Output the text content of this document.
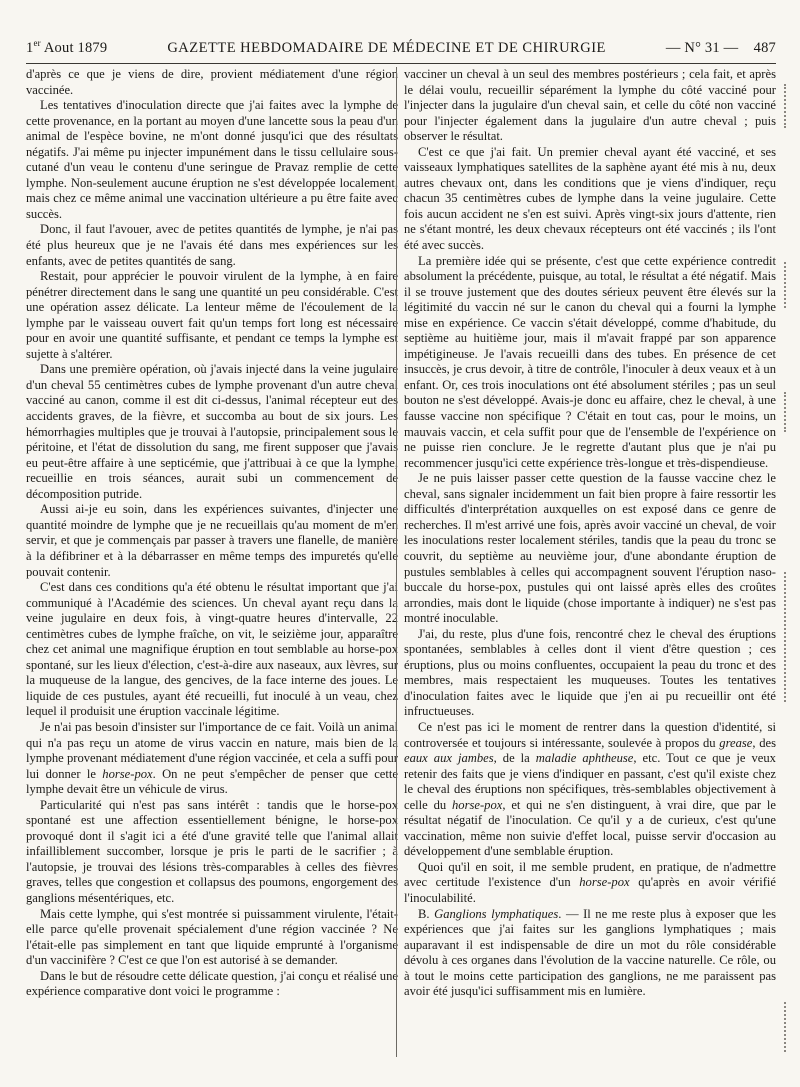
1er Aout 1879	GAZETTE HEBDOMADAIRE DE MÉDECINE ET DE CHIRURGIE	— N° 31 — 487

d'après ce que je viens de dire, provient médiatement d'une région vaccinée.

Les tentatives d'inoculation directe que j'ai faites avec la lymphe de cette provenance, en la portant au moyen d'une lancette sous la peau d'un animal de l'espèce bovine, ne m'ont donné jusqu'ici que des résultats négatifs. J'ai même pu injecter impunément dans le tissu cellulaire sous-cutané d'un veau le contenu d'une seringue de Pravaz remplie de cette lymphe. Non-seulement aucune éruption ne s'est développée localement, mais chez ce même animal une vaccination ultérieure a pu être faite avec succès.

Donc, il faut l'avouer, avec de petites quantités de lymphe, je n'ai pas été plus heureux que je ne l'avais été dans mes expériences sur les enfants, avec de petites quantités de sang.

Restait, pour apprécier le pouvoir virulent de la lymphe, à en faire pénétrer directement dans le sang une quantité un peu considérable. C'est une opération assez délicate. La lenteur même de l'écoulement de la lymphe par le vaisseau ouvert fait qu'un temps fort long est nécessaire pour en avoir une quantité suffisante, et pendant ce temps la lymphe est sujette à s'altérer.

Dans une première opération, où j'avais injecté dans la veine jugulaire d'un cheval 55 centimètres cubes de lymphe provenant d'un autre cheval vacciné au canon, comme il est dit ci-dessus, l'animal récepteur eut des accidents graves, de la fièvre, et succomba au bout de six jours. Les hémorrhagies multiples que je trouvai à l'autopsie, principalement sous le péritoine, et l'état de dissolution du sang, me firent supposer que j'avais eu peut-être affaire à une septicémie, que j'attribuai à ce que la lymphe, recueillie en trois séances, aurait subi un commencement de décomposition putride.

Aussi ai-je eu soin, dans les expériences suivantes, d'injecter une quantité moindre de lymphe que je ne recueillais qu'au moment de m'en servir, et que je commençais par passer à travers une flanelle, de manière à la défibriner et à la débarrasser en même temps des impuretés qu'elle pouvait contenir.

C'est dans ces conditions qu'a été obtenu le résultat important que j'ai communiqué à l'Académie des sciences. Un cheval ayant reçu dans la veine jugulaire en deux fois, à vingt-quatre heures d'intervalle, 22 centimètres cubes de lymphe fraîche, on vit, le seizième jour, apparaître chez cet animal une magnifique éruption en tout semblable au horse-pox spontané, sur les lieux d'élection, c'est-à-dire aux naseaux, aux lèvres, sur la muqueuse de la langue, des gencives, de la face interne des joues. Le liquide de ces pustules, ayant été recueilli, fut inoculé à un veau, chez lequel il produisit une éruption vaccinale légitime.

Je n'ai pas besoin d'insister sur l'importance de ce fait. Voilà un animal qui n'a pas reçu un atome de virus vaccin en nature, mais bien de la lymphe provenant médiatement d'une région vaccinée, et cela a suffi pour lui donner le horse-pox. On ne peut s'empêcher de penser que cette lymphe devait être un véhicule de virus.

Particularité qui n'est pas sans intérêt : tandis que le horse-pox spontané est une affection essentiellement bénigne, le horse-pox provoqué dont il s'agit ici a été d'une gravité telle que l'animal allait infailliblement succomber, lorsque je pris le parti de le sacrifier ; à l'autopsie, je trouvai des lésions très-comparables à celles des fièvres graves, telles que congestion et collapsus des poumons, engorgement des ganglions mésentériques, etc.

Mais cette lymphe, qui s'est montrée si puissamment virulente, l'était-elle parce qu'elle provenait spécialement d'une région vaccinée ? Ne l'était-elle pas simplement en tant que liquide emprunté à l'organisme d'un vaccinifère ? C'est ce que l'on est autorisé à se demander.

Dans le but de résoudre cette délicate question, j'ai conçu et réalisé une expérience comparative dont voici le programme :

vacciner un cheval à un seul des membres postérieurs ; cela fait, et après le délai voulu, recueillir séparément la lymphe du côté vacciné pour l'injecter dans la jugulaire d'un cheval sain, et celle du côté non vacciné pour l'injecter également dans la jugulaire d'un autre cheval ; puis observer le résultat.

C'est ce que j'ai fait. Un premier cheval ayant été vacciné, et ses vaisseaux lymphatiques satellites de la saphène ayant été mis à nu, deux autres chevaux ont, dans les conditions que je viens d'indiquer, reçu chacun 35 centimètres cubes de lymphe dans la veine jugulaire. Cette fois aucun accident ne s'en est suivi. Après vingt-six jours d'attente, rien ne s'étant montré, les deux chevaux récepteurs ont été vaccinés ; ils l'ont été avec succès.

La première idée qui se présente, c'est que cette expérience contredit absolument la précédente, puisque, au total, le résultat a été négatif. Mais il se trouve justement que des doutes sérieux peuvent être élevés sur la légitimité du vaccin né sur le canon du cheval qui a fourni la lymphe mise en expérience. Ce vaccin s'était développé, comme d'habitude, du septième au huitième jour, mais il m'avait frappé par son apparence impétigineuse. Je l'avais recueilli dans des tubes. En présence de cet insuccès, je crus devoir, à titre de contrôle, l'inoculer à deux veaux et à un enfant. Or, ces trois inoculations ont été absolument stériles ; pas un seul bouton ne s'est développé. Avais-je donc eu affaire, chez le cheval, à une fausse vaccine non spécifique ? C'était en tout cas, pour le moins, un mauvais vaccin, et cela suffit pour que de l'ensemble de l'expérience on ne puisse rien conclure. Je le regrette d'autant plus que je n'ai pu recommencer jusqu'ici cette expérience très-longue et très-dispendieuse.

Je ne puis laisser passer cette question de la fausse vaccine chez le cheval, sans signaler incidemment un fait bien propre à faire ressortir les difficultés d'interprétation auxquelles on est exposé dans ce genre de recherches. Il m'est arrivé une fois, après avoir vacciné un cheval, de voir les inoculations rester localement stériles, tandis que la peau du tronc se couvrit, du septième au neuvième jour, d'une abondante éruption de pustules semblables à celles qui accompagnent souvent l'éruption naso-buccale du horse-pox, pustules qui ont laissé après elles des croûtes arrondies, mais dont le liquide (chose importante à indiquer) ne s'est pas montré inoculable.

J'ai, du reste, plus d'une fois, rencontré chez le cheval des éruptions spontanées, semblables à celles dont il vient d'être question ; ces éruptions, plus ou moins confluentes, occupaient la peau du tronc et des membres, mais respectaient les muqueuses. Toutes les tentatives d'inoculation faites avec le liquide que j'en ai pu recueillir ont été infructueuses.

Ce n'est pas ici le moment de rentrer dans la question d'identité, si controversée et toujours si intéressante, soulevée à propos du grease, des eaux aux jambes, de la maladie aphtheuse, etc. Tout ce que je veux retenir des faits que je viens d'indiquer en passant, c'est qu'il existe chez le cheval des éruptions non spécifiques, très-semblables objectivement à celle du horse-pox, et qui ne s'en distinguent, à vrai dire, que par le résultat négatif de l'inoculation. Ce qu'il y a de curieux, c'est qu'une vaccination, même non suivie d'effet local, puisse servir d'occasion au développement d'une semblable éruption.

Quoi qu'il en soit, il me semble prudent, en pratique, de n'admettre avec certitude l'existence d'un horse-pox qu'après en avoir vérifié l'inoculabilité.

B. Ganglions lymphatiques. — Il ne me reste plus à exposer que les expériences que j'ai faites sur les ganglions lymphatiques ; mais auparavant il est indispensable de dire un mot du rôle considérable dévolu à ces organes dans l'évolution de la vaccine naturelle. Ce rôle, ou à tout le moins cette participation des ganglions, ne me paraissent pas avoir été jusqu'ici suffisamment mis en lumière.
